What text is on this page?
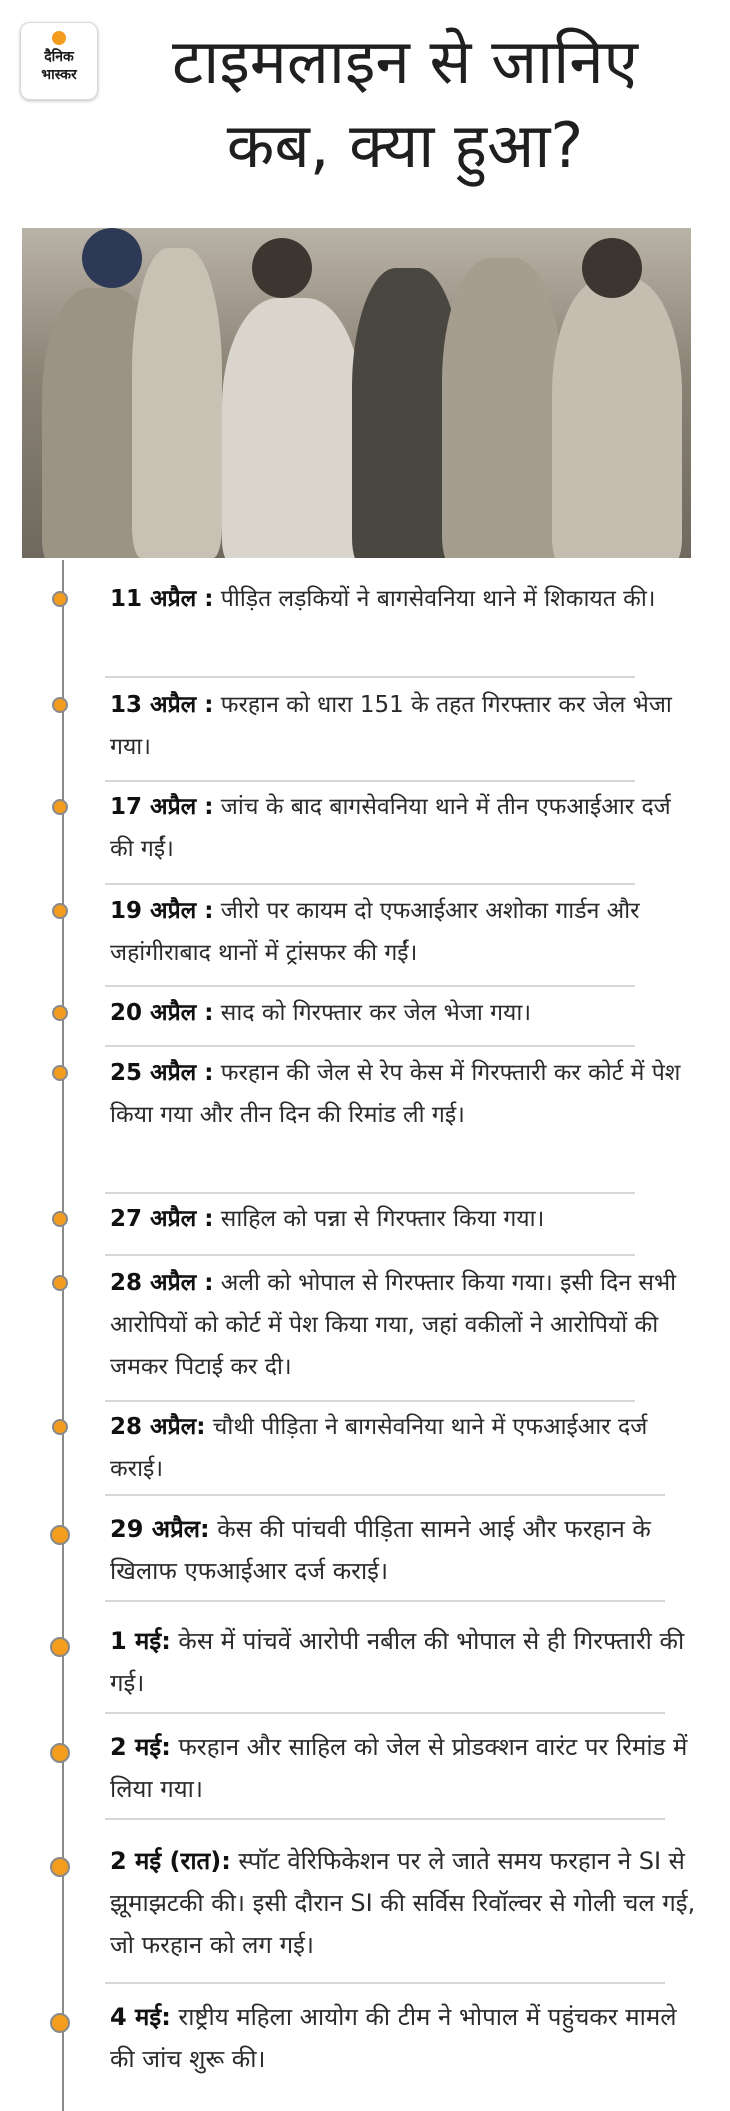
दैनिक
भास्कर	टाइमलाइन से जानिए
कब, क्या हुआ?
11 अप्रैल : पीड़ित लड़कियों ने बागसेवनिया थाने में शिकायत की।
13 अप्रैल : फरहान को धारा 151 के तहत गिरफ्तार कर जेल भेजा गया।
17 अप्रैल : जांच के बाद बागसेवनिया थाने में तीन एफआईआर दर्ज की गईं।
19 अप्रैल : जीरो पर कायम दो एफआईआर अशोका गार्डन और जहांगीराबाद थानों में ट्रांसफर की गईं।
20 अप्रैल : साद को गिरफ्तार कर जेल भेजा गया।
25 अप्रैल : फरहान की जेल से रेप केस में गिरफ्तारी कर कोर्ट में पेश किया गया और तीन दिन की रिमांड ली गई।
27 अप्रैल : साहिल को पन्ना से गिरफ्तार किया गया।
28 अप्रैल : अली को भोपाल से गिरफ्तार किया गया। इसी दिन सभी आरोपियों को कोर्ट में पेश किया गया, जहां वकीलों ने आरोपियों की जमकर पिटाई कर दी।
28 अप्रैल: चौथी पीड़िता ने बागसेवनिया थाने में एफआईआर दर्ज कराई।
29 अप्रैल: केस की पांचवी पीड़िता सामने आई और फरहान के खिलाफ एफआईआर दर्ज कराई।
1 मई: केस में पांचवें आरोपी नबील की भोपाल से ही गिरफ्तारी की गई।
2 मई: फरहान और साहिल को जेल से प्रोडक्शन वारंट पर रिमांड में लिया गया।
2 मई (रात): स्पॉट वेरिफिकेशन पर ले जाते समय फरहान ने SI से झूमाझटकी की। इसी दौरान SI की सर्विस रिवॉल्वर से गोली चल गई, जो फरहान को लग गई।
4 मई: राष्ट्रीय महिला आयोग की टीम ने भोपाल में पहुंचकर मामले की जांच शुरू की।
